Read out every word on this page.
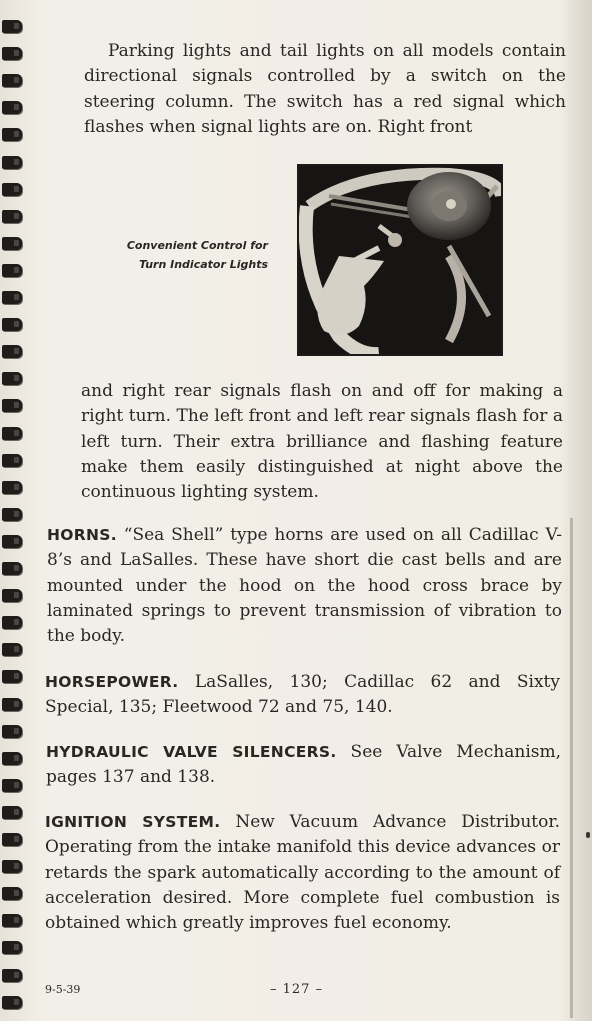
Parking lights and tail lights on all models contain directional signals controlled by a switch on the steering column. The switch has a red signal which flashes when signal lights are on. Right front

Convenient Control for
Turn Indicator Lights

and right rear signals flash on and off for making a right turn. The left front and left rear signals flash for a left turn. Their extra brilliance and flashing feature make them easily distinguished at night above the continuous lighting system.

HORNS. “Sea Shell” type horns are used on all Cadillac V-8’s and LaSalles. These have short die cast bells and are mounted under the hood on the hood cross brace by laminated springs to prevent transmission of vibration to the body.

HORSEPOWER. LaSalles, 130; Cadillac 62 and Sixty Special, 135; Fleetwood 72 and 75, 140.

HYDRAULIC VALVE SILENCERS. See Valve Mechanism, pages 137 and 138.

IGNITION SYSTEM. New Vacuum Advance Distributor. Operating from the intake manifold this device advances or retards the spark automatically according to the amount of acceleration desired. More complete fuel combustion is obtained which greatly improves fuel economy.

9-5-39	– 127 –
